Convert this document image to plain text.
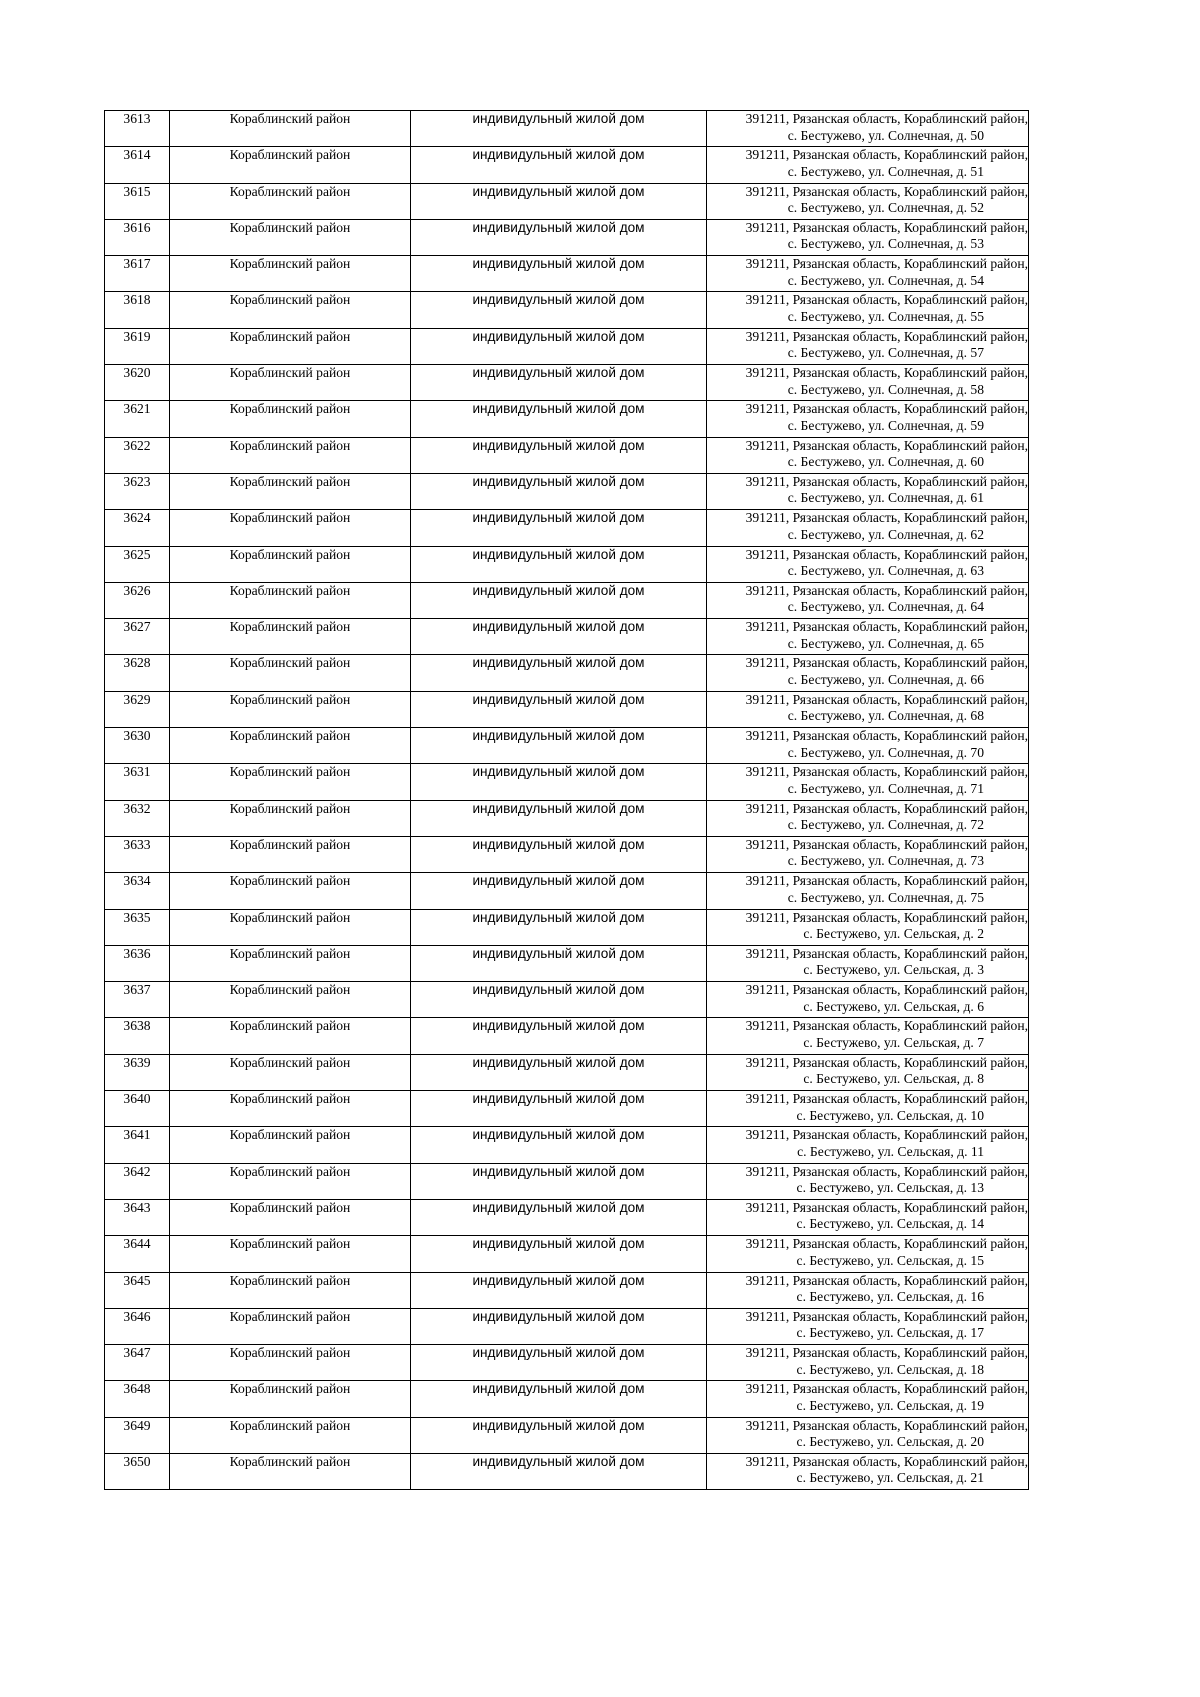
3613	Кораблинский район	индивидульный жилой дом	391211, Рязанская область, Кораблинский район,
с. Бестужево, ул. Солнечная, д. 50

3614	Кораблинский район	индивидульный жилой дом	391211, Рязанская область, Кораблинский район,
с. Бестужево, ул. Солнечная, д. 51

3615	Кораблинский район	индивидульный жилой дом	391211, Рязанская область, Кораблинский район,
с. Бестужево, ул. Солнечная, д. 52

3616	Кораблинский район	индивидульный жилой дом	391211, Рязанская область, Кораблинский район,
с. Бестужево, ул. Солнечная, д. 53

3617	Кораблинский район	индивидульный жилой дом	391211, Рязанская область, Кораблинский район,
с. Бестужево, ул. Солнечная, д. 54

3618	Кораблинский район	индивидульный жилой дом	391211, Рязанская область, Кораблинский район,
с. Бестужево, ул. Солнечная, д. 55

3619	Кораблинский район	индивидульный жилой дом	391211, Рязанская область, Кораблинский район,
с. Бестужево, ул. Солнечная, д. 57

3620	Кораблинский район	индивидульный жилой дом	391211, Рязанская область, Кораблинский район,
с. Бестужево, ул. Солнечная, д. 58

3621	Кораблинский район	индивидульный жилой дом	391211, Рязанская область, Кораблинский район,
с. Бестужево, ул. Солнечная, д. 59

3622	Кораблинский район	индивидульный жилой дом	391211, Рязанская область, Кораблинский район,
с. Бестужево, ул. Солнечная, д. 60

3623	Кораблинский район	индивидульный жилой дом	391211, Рязанская область, Кораблинский район,
с. Бестужево, ул. Солнечная, д. 61

3624	Кораблинский район	индивидульный жилой дом	391211, Рязанская область, Кораблинский район,
с. Бестужево, ул. Солнечная, д. 62

3625	Кораблинский район	индивидульный жилой дом	391211, Рязанская область, Кораблинский район,
с. Бестужево, ул. Солнечная, д. 63

3626	Кораблинский район	индивидульный жилой дом	391211, Рязанская область, Кораблинский район,
с. Бестужево, ул. Солнечная, д. 64

3627	Кораблинский район	индивидульный жилой дом	391211, Рязанская область, Кораблинский район,
с. Бестужево, ул. Солнечная, д. 65

3628	Кораблинский район	индивидульный жилой дом	391211, Рязанская область, Кораблинский район,
с. Бестужево, ул. Солнечная, д. 66

3629	Кораблинский район	индивидульный жилой дом	391211, Рязанская область, Кораблинский район,
с. Бестужево, ул. Солнечная, д. 68

3630	Кораблинский район	индивидульный жилой дом	391211, Рязанская область, Кораблинский район,
с. Бестужево, ул. Солнечная, д. 70

3631	Кораблинский район	индивидульный жилой дом	391211, Рязанская область, Кораблинский район,
с. Бестужево, ул. Солнечная, д. 71

3632	Кораблинский район	индивидульный жилой дом	391211, Рязанская область, Кораблинский район,
с. Бестужево, ул. Солнечная, д. 72

3633	Кораблинский район	индивидульный жилой дом	391211, Рязанская область, Кораблинский район,
с. Бестужево, ул. Солнечная, д. 73

3634	Кораблинский район	индивидульный жилой дом	391211, Рязанская область, Кораблинский район,
с. Бестужево, ул. Солнечная, д. 75

3635	Кораблинский район	индивидульный жилой дом	391211, Рязанская область, Кораблинский район,
с. Бестужево, ул. Сельская, д. 2

3636	Кораблинский район	индивидульный жилой дом	391211, Рязанская область, Кораблинский район,
с. Бестужево, ул. Сельская, д. 3

3637	Кораблинский район	индивидульный жилой дом	391211, Рязанская область, Кораблинский район,
с. Бестужево, ул. Сельская, д. 6

3638	Кораблинский район	индивидульный жилой дом	391211, Рязанская область, Кораблинский район,
с. Бестужево, ул. Сельская, д. 7

3639	Кораблинский район	индивидульный жилой дом	391211, Рязанская область, Кораблинский район,
с. Бестужево, ул. Сельская, д. 8

3640	Кораблинский район	индивидульный жилой дом	391211, Рязанская область, Кораблинский район,
с. Бестужево, ул. Сельская, д. 10

3641	Кораблинский район	индивидульный жилой дом	391211, Рязанская область, Кораблинский район,
с. Бестужево, ул. Сельская, д. 11

3642	Кораблинский район	индивидульный жилой дом	391211, Рязанская область, Кораблинский район,
с. Бестужево, ул. Сельская, д. 13

3643	Кораблинский район	индивидульный жилой дом	391211, Рязанская область, Кораблинский район,
с. Бестужево, ул. Сельская, д. 14

3644	Кораблинский район	индивидульный жилой дом	391211, Рязанская область, Кораблинский район,
с. Бестужево, ул. Сельская, д. 15

3645	Кораблинский район	индивидульный жилой дом	391211, Рязанская область, Кораблинский район,
с. Бестужево, ул. Сельская, д. 16

3646	Кораблинский район	индивидульный жилой дом	391211, Рязанская область, Кораблинский район,
с. Бестужево, ул. Сельская, д. 17

3647	Кораблинский район	индивидульный жилой дом	391211, Рязанская область, Кораблинский район,
с. Бестужево, ул. Сельская, д. 18

3648	Кораблинский район	индивидульный жилой дом	391211, Рязанская область, Кораблинский район,
с. Бестужево, ул. Сельская, д. 19

3649	Кораблинский район	индивидульный жилой дом	391211, Рязанская область, Кораблинский район,
с. Бестужево, ул. Сельская, д. 20

3650	Кораблинский район	индивидульный жилой дом	391211, Рязанская область, Кораблинский район,
с. Бестужево, ул. Сельская, д. 21
